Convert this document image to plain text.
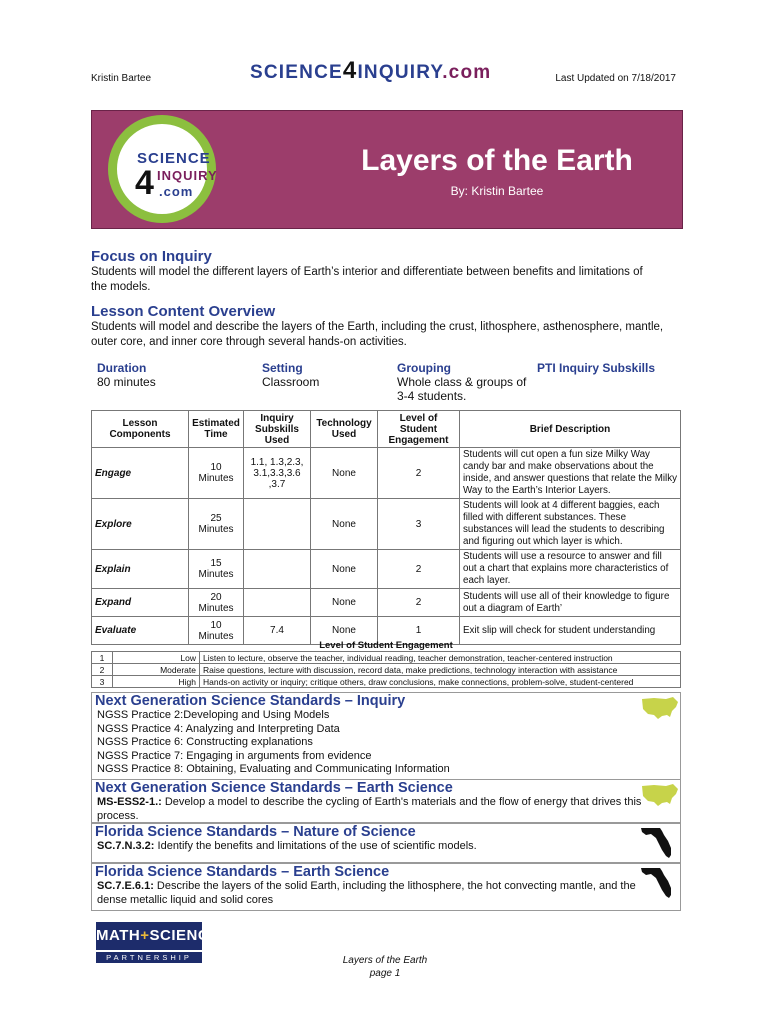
Kristin Bartee	SCIENCE4INQUIRY.com	Last Updated on 7/18/2017
SCIENCE
4 INQUIRY
.com
Layers of the Earth
By: Kristin Bartee
Focus on Inquiry
Students will model the different layers of Earth’s interior and differentiate between benefits and limitations of the models.
Lesson Content Overview
Students will model and describe the layers of the Earth, including the crust, lithosphere, asthenosphere, mantle, outer core, and inner core through several hands-on activities.
Duration
80 minutes

Setting
Classroom

Grouping
Whole class & groups of 3-4 students.

PTI Inquiry Subskills
Lesson Components	Estimated Time	Inquiry Subskills Used	Technology Used	Level of Student Engagement	Brief Description
Engage	10 Minutes	1.1, 1.3,2.3, 3.1,3.3,3.6 ,3.7	None	2	Students will cut open a fun size Milky Way candy bar and make observations about the inside, and answer questions that relate the Milky Way to the Earth’s Interior Layers.
Explore	25 Minutes		None	3	Students will look at 4 different baggies, each filled with different substances. These substances will lead the students to describing and figuring out which layer is which.
Explain	15 Minutes		None	2	Students will use a resource to answer and fill out a chart that explains more characteristics of each layer.
Expand	20 Minutes		None	2	Students will use all of their knowledge to figure out a diagram of Earth’
Evaluate	10 Minutes	7.4	None	1	Exit slip will check for student understanding
Level of Student Engagement		
1	Low	Listen to lecture, observe the teacher, individual reading, teacher demonstration, teacher-centered instruction
2	Moderate	Raise questions, lecture with discussion, record data, make predictions, technology interaction with assistance
3	High	Hands-on activity or inquiry; critique others, draw conclusions, make connections, problem-solve, student-centered
Next Generation Science Standards – Inquiry
NGSS Practice 2:Developing and Using Models
NGSS Practice 4: Analyzing and Interpreting Data
NGSS Practice 6: Constructing explanations
NGSS Practice 7: Engaging in arguments from evidence
NGSS Practice 8: Obtaining, Evaluating and Communicating Information
Next Generation Science Standards – Earth Science
MS-ESS2-1.: Develop a model to describe the cycling of Earth's materials and the flow of energy that drives this process.
Florida Science Standards – Nature of Science
SC.7.N.3.2: Identify the benefits and limitations of the use of scientific models.
Florida Science Standards – Earth Science
SC.7.E.6.1: Describe the layers of the solid Earth, including the lithosphere, the hot convecting mantle, and the dense metallic liquid and solid cores
MATH+SCIENCE
PARTNERSHIP	Layers of the Earth
page 1
